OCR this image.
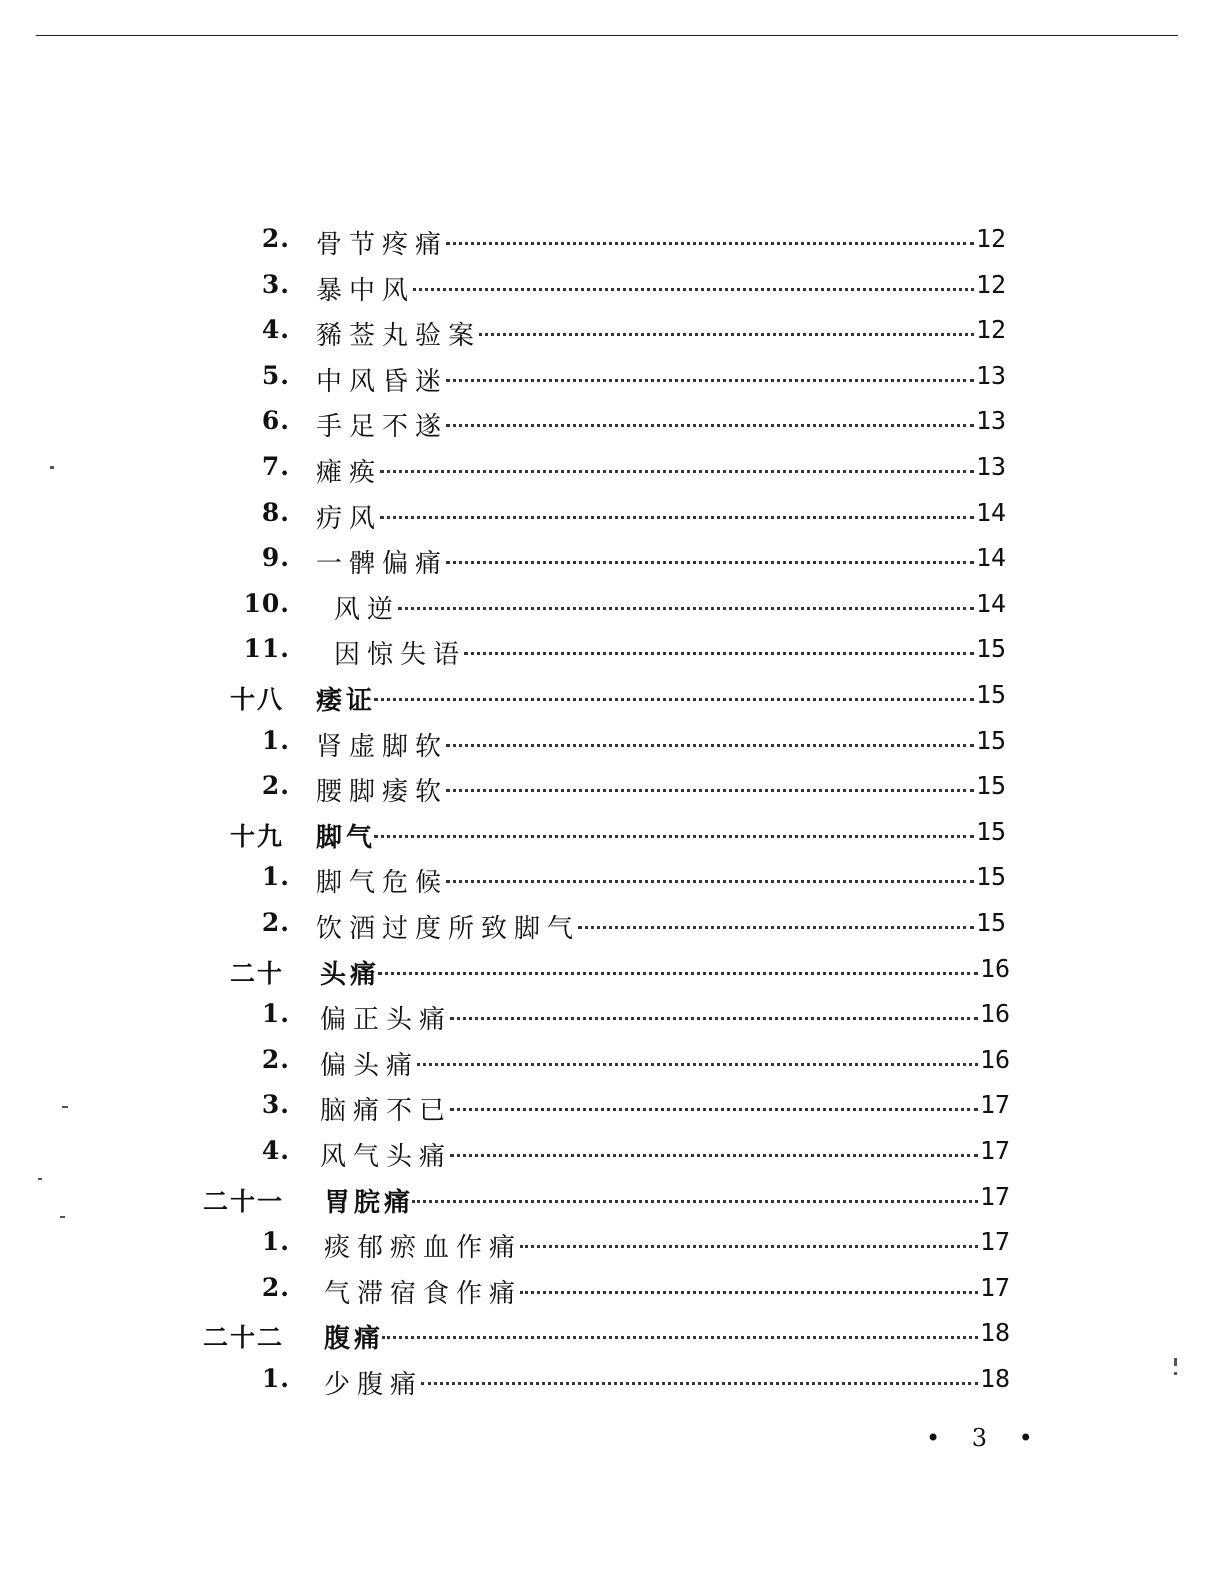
2. 骨节疼痛	12
3. 暴中风	12
4. 豨莶丸验案	12
5. 中风昏迷	13
6. 手足不遂	13
7. 瘫痪	13
8. 疠风	14
9. 一髀偏痛	14
10. 风逆	14
11. 因惊失语	15
十八 痿证	15
1. 肾虚脚软	15
2. 腰脚痿软	15
十九 脚气	15
1. 脚气危候	15
2. 饮酒过度所致脚气	15
二十 头痛	16
1. 偏正头痛	16
2. 偏头痛	16
3. 脑痛不已	17
4. 风气头痛	17
二十一 胃脘痛	17
1. 痰郁瘀血作痛	17
2. 气滞宿食作痛	17
二十二 腹痛	18
1. 少腹痛	18
• 3 •
